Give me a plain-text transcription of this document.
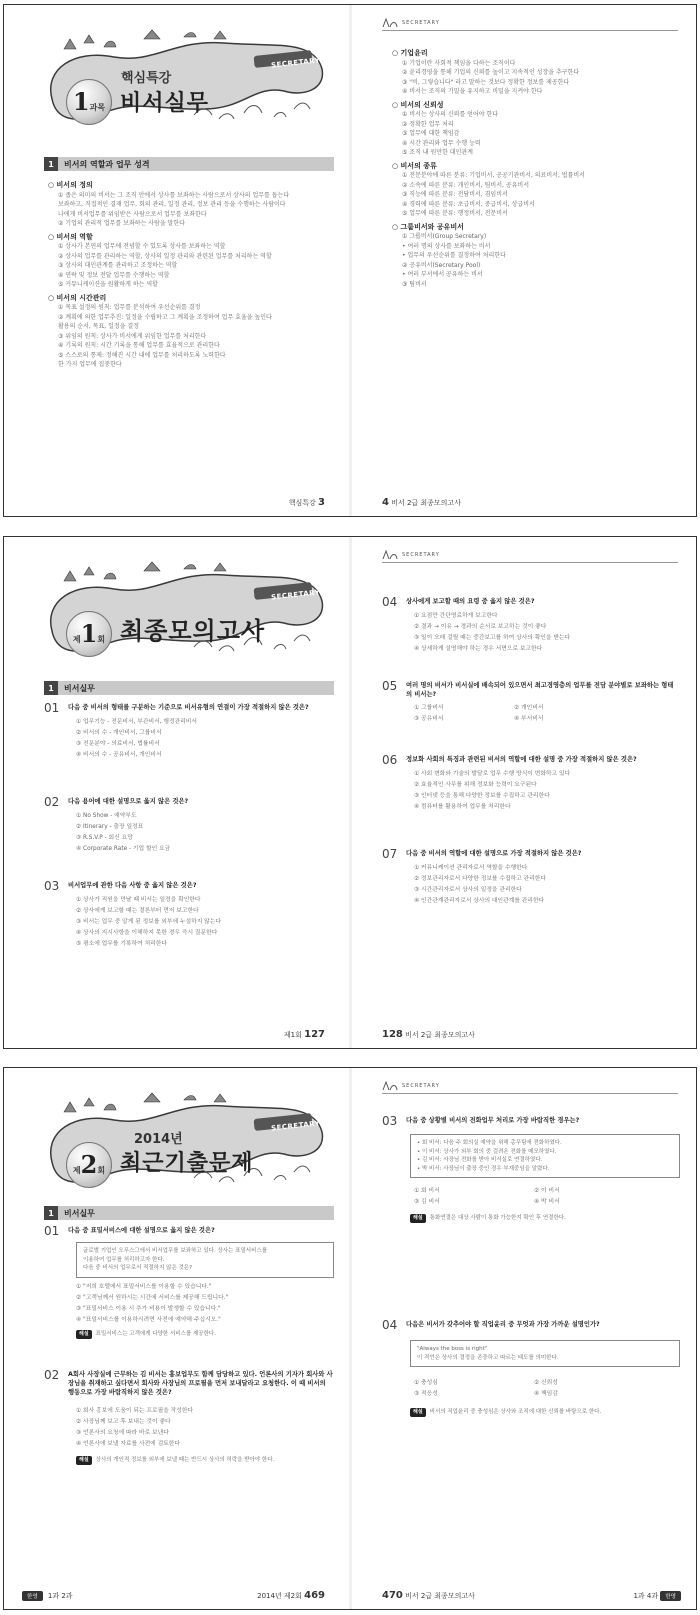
SECRETARY
1 과목
핵심특강
비서실무
1	비서의 역할과 업무 성격
○ 비서의 정의
① 좁은 의미의 비서는 그 조직 안에서 상사를 보좌하는 사람으로서 상사의 업무를 돕는다
보좌하고, 직접적인 결재 업무, 회의 관리, 일정 관리, 정보 관리 등을 수행하는 사람이다
나에게 비서업무를 위임받은 사람으로서 업무를 보좌한다
② 기업의 관리적 업무를 보좌하는 사람을 말한다
○ 비서의 역할
① 상사가 본연의 업무에 전념할 수 있도록 상사를 보좌하는 역할
② 상사의 업무를 관리하는 역할, 상사의 일정 관리와 관련된 업무를 처리하는 역할
③ 상사의 대인관계를 관리하고 조정하는 역할
④ 연락 및 정보 전달 업무를 수행하는 역할
⑤ 커뮤니케이션을 원활하게 하는 역할
○ 비서의 시간관리
① 목표 설정의 원칙: 업무를 분석하여 우선순위를 결정
② 계획에 의한 업무추진: 일정을 수립하고 그 계획을 조정하여 업무 효율을 높인다
활용의 순서, 목표, 일정을 결정
③ 위임의 원칙: 상사가 비서에게 위임한 업무를 처리한다
④ 기록의 원칙: 시간 기록을 통해 업무를 효율적으로 관리한다
⑤ 스스로의 통제: 정해진 시간 내에 업무를 처리하도록 노력한다
한 가지 업무에 집중한다
핵심특강 3
SECRETARY
○ 기업윤리
① 기업이란 사회적 책임을 다하는 조직이다
② 윤리경영을 통해 기업의 신뢰를 높이고 지속적인 성장을 추구한다
③ "비, 그렇습니다" 라고 말하는 것보다 정확한 정보를 제공한다
④ 비서는 조직의 기밀을 유지하고 비밀을 지켜야 한다
○ 비서의 신뢰성
① 비서는 상사의 신뢰를 얻어야 한다
② 정확한 업무 처리
③ 업무에 대한 책임감
④ 시간 관리와 업무 수행 능력
⑤ 조직 내 원만한 대인관계
○ 비서의 종류
① 전문분야에 따른 분류: 기업비서, 공공기관비서, 의료비서, 법률비서
② 소속에 따른 분류: 개인비서, 팀비서, 공유비서
③ 직능에 따른 분류: 전담비서, 겸임비서
④ 경력에 따른 분류: 초급비서, 중급비서, 상급비서
⑤ 업무에 따른 분류: 행정비서, 전문비서
○ 그룹비서와 공유비서
① 그룹비서(Group Secretary)
• 여러 명의 상사를 보좌하는 비서
• 업무의 우선순위를 결정하여 처리한다
② 공유비서(Secretary Pool)
• 여러 부서에서 공유하는 비서
③ 팀비서
4 비서 2급 최종모의고사
SECRETARY
제 1 회 최종모의고사
1	비서실무
01 다음 중 비서의 형태를 구분하는 기준으로 비서유형의 연결이 가장 적절하지 않은 것은?
① 업무기능 - 전문비서, 부관비서, 행정관리비서
② 비서의 수 - 개인비서, 그룹비서
③ 전문분야 - 의료비서, 법률비서
④ 비서의 수 - 공유비서, 개인비서
02 다음 용어에 대한 설명으로 옳지 않은 것은?
① No Show - 예약부도
② Itinerary - 출장 일정표
③ R.S.V.P - 회신 요망
④ Corporate Rate - 기업 할인 요금
03 비서업무에 관한 다음 사항 중 옳지 않은 것은?
① 상사가 직원을 만날 때 비서는 일정을 확인한다
② 상사에게 보고할 때는 결론부터 먼저 보고한다
③ 비서는 업무 중 알게 된 정보를 외부에 누설하지 않는다
④ 상사의 지시사항을 이해하지 못한 경우 즉시 질문한다
⑤ 평소에 업무를 기록하여 처리한다
제1회 127
SECRETARY
04 상사에게 보고할 때의 요령 중 옳지 않은 것은?
① 요점만 간단명료하게 보고한다
② 결과 → 이유 → 경과의 순서로 보고하는 것이 좋다
③ 일이 오래 걸릴 때는 중간보고를 하여 상사의 확인을 받는다
④ 상세하게 설명해야 하는 경우 서면으로 보고한다
05 여러 명의 비서가 비서실에 배속되어 있으면서 최고경영층의 업무를 전담 분야별로 보좌하는 형태의 비서는?
① 그룹비서	② 개인비서
③ 공유비서	④ 부서비서
06 정보화 사회의 특징과 관련된 비서의 역할에 대한 설명 중 가장 적절하지 않은 것은?
① 사회 변화와 기술의 발달로 업무 수행 방식이 변화하고 있다
② 효율적인 사무를 위해 정보화 능력이 요구된다
③ 인터넷 등을 통해 다양한 정보를 수집하고 관리한다
④ 컴퓨터를 활용하여 업무를 처리한다
07 다음 중 비서의 역할에 대한 설명으로 가장 적절하지 않은 것은?
① 커뮤니케이션 관리자로서 역할을 수행한다
② 정보관리자로서 다양한 정보를 수집하고 관리한다
③ 시간관리자로서 상사의 일정을 관리한다
④ 인간관계관리자로서 상사의 대인관계를 관리한다
128 비서 2급 최종모의고사
SECRETARY
제 2 회
2014년
최근기출문제
1	비서실무
01 다음 중 표밀서비스에 대한 설명으로 옳지 않은 것은?
글로벌 기업인 오푸스그에서 비서업무를 보좌하고 있다. 상사는 표밀서비스를
이용하여 업무를 처리하고자 한다.
다음 중 비서의 업무로서 적절하지 않은 것은?
① "저희 호텔에서 표밀서비스를 이용할 수 있습니다."
② "고객님께서 원하시는 시간에 서비스를 제공해 드립니다."
③ "표밀서비스 이용 시 추가 비용이 발생할 수 있습니다."
④ "표밀서비스를 이용하시려면 사전에 예약해 주십시오."
해설 표밀서비스는 고객에게 다양한 서비스를 제공한다.
02 A회사 사장실에 근무하는 김 비서는 홍보업무도 함께 담당하고 있다. 언론사의 기자가 회사와 사장님을 취재하고 싶다면서 회사와 사장님의 프로필을 먼저 보내달라고 요청한다. 이 때 비서의 행동으로 가장 바람직하지 않은 것은?
① 회사 홍보에 도움이 되는 프로필을 작성한다
② 사장님께 보고 후 보내는 것이 좋다
③ 언론사의 요청에 따라 바로 보낸다
④ 언론사에 보낼 자료를 사전에 검토한다
해설 상사의 개인적 정보를 외부에 보낼 때는 반드시 상사의 허락을 받아야 한다.
한영 1과 2과	2014년 제2회 469
SECRETARY
03 다음 중 상황별 비서의 전화업무 처리로 가장 바람직한 경우는?
• 회 비서: 다음 주 회의실 예약을 위해 총무팀에 전화하였다.
• 이 비서: 상사가 외부 회의 중 걸려온 전화를 메모하였다.
• 김 비서: 사장님 전화를 받아 비서실로 연결하였다.
• 박 비서: 사장님이 출장 중인 경우 부재중임을 알렸다.
① 회 비서	② 이 비서
③ 김 비서	④ 박 비서
해설 통화연결은 대상 사람이 통화 가능한지 확인 후 연결한다.
04 다음은 비서가 갖추어야 할 직업윤리 중 무엇과 가장 가까운 설명인가?
"Always the boss is right"
이 격언은 상사의 결정을 존중하고 따르는 태도를 의미한다.
① 충성심	② 신뢰성
③ 적응성	④ 책임감
해설 비서의 직업윤리 중 충성심은 상사와 조직에 대한 신뢰를 바탕으로 한다.
470 비서 2급 최종모의고사	1과 4과 한영
